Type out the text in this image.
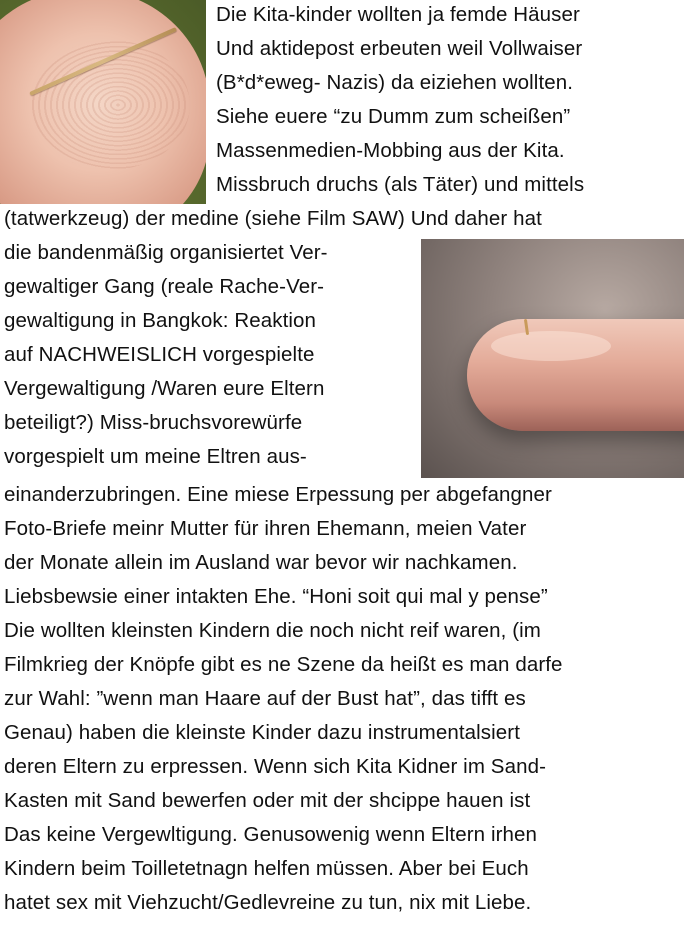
Die Kita-kinder wollten ja femde Häuser
Und aktidepost erbeuten weil Vollwaiser
(B*d*eweg- Nazis) da eiziehen wollten.
Siehe euere “zu Dumm zum scheißen”
Massenmedien-Mobbing aus der Kita.
Missbruch druchs (als Täter) und mittels
(tatwerkzeug) der medine (siehe Film SAW) Und daher hat
die bandenmäßig organisiertet Ver-
gewaltiger Gang (reale Rache-Ver-
gewaltigung in Bangkok: Reaktion
auf NACHWEISLICH vorgespielte
Vergewaltigung /Waren eure Eltern
beteiligt?) Miss-bruchsvorewürfe
vorgespielt um meine Eltren aus-
einanderzubringen. Eine miese Erpessung per abgefangner
Foto-Briefe meinr Mutter für ihren Ehemann, meien Vater
der Monate allein im Ausland war bevor wir nachkamen.
Liebsbewsie einer intakten Ehe. “Honi soit qui mal y pense”
Die wollten kleinsten Kindern die noch nicht reif waren, (im
Filmkrieg der Knöpfe gibt es ne Szene da heißt es man darfe
zur Wahl: ”wenn man Haare auf der Bust hat”, das tifft es
Genau) haben die kleinste Kinder dazu instrumentalsiert
deren Eltern zu erpressen. Wenn sich Kita Kidner im Sand-
Kasten mit Sand bewerfen oder mit der shcippe hauen ist
Das keine Vergewltigung. Genusowenig wenn Eltern irhen
Kindern beim Toilletetnagn helfen müssen. Aber bei Euch
hatet sex mit Viehzucht/Gedlevreine zu tun, nix mit Liebe.
